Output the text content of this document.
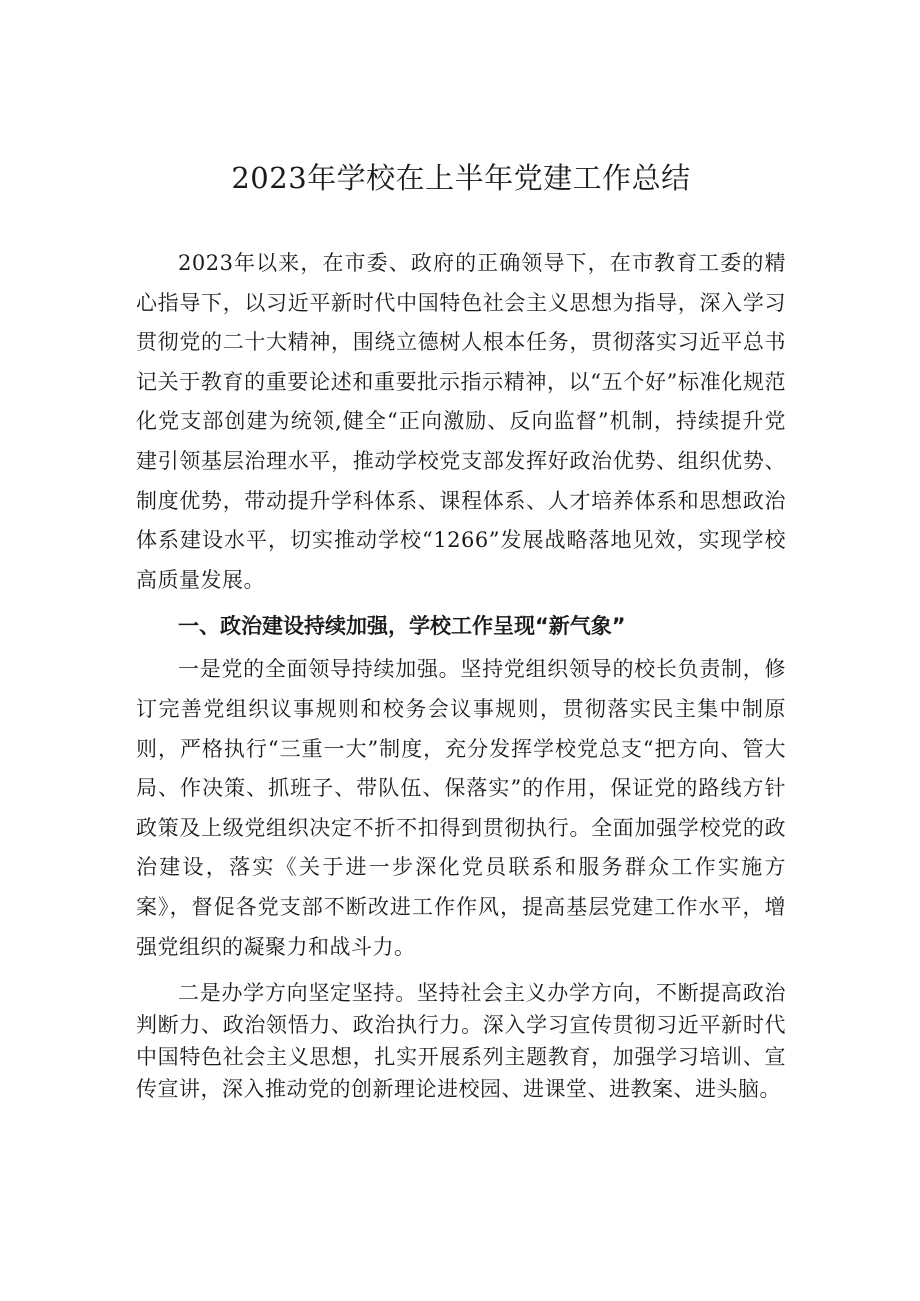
2023年学校在上半年党建工作总结

2023年以来，在市委、政府的正确领导下，在市教育工委的精心指导下，以习近平新时代中国特色社会主义思想为指导，深入学习贯彻党的二十大精神，围绕立德树人根本任务，贯彻落实习近平总书记关于教育的重要论述和重要批示指示精神，以“五个好”标准化规范化党支部创建为统领,健全“正向激励、反向监督”机制，持续提升党建引领基层治理水平，推动学校党支部发挥好政治优势、组织优势、制度优势，带动提升学科体系、课程体系、人才培养体系和思想政治体系建设水平，切实推动学校“1266”发展战略落地见效，实现学校高质量发展。

一、政治建设持续加强，学校工作呈现“新气象”

一是党的全面领导持续加强。坚持党组织领导的校长负责制，修订完善党组织议事规则和校务会议事规则，贯彻落实民主集中制原则，严格执行“三重一大”制度，充分发挥学校党总支“把方向、管大局、作决策、抓班子、带队伍、保落实”的作用，保证党的路线方针政策及上级党组织决定不折不扣得到贯彻执行。全面加强学校党的政治建设，落实《关于进一步深化党员联系和服务群众工作实施方案》，督促各党支部不断改进工作作风，提高基层党建工作水平，增强党组织的凝聚力和战斗力。

二是办学方向坚定坚持。坚持社会主义办学方向，不断提高政治判断力、政治领悟力、政治执行力。深入学习宣传贯彻习近平新时代中国特色社会主义思想，扎实开展系列主题教育，加强学习培训、宣传宣讲，深入推动党的创新理论进校园、进课堂、进教案、进头脑。
